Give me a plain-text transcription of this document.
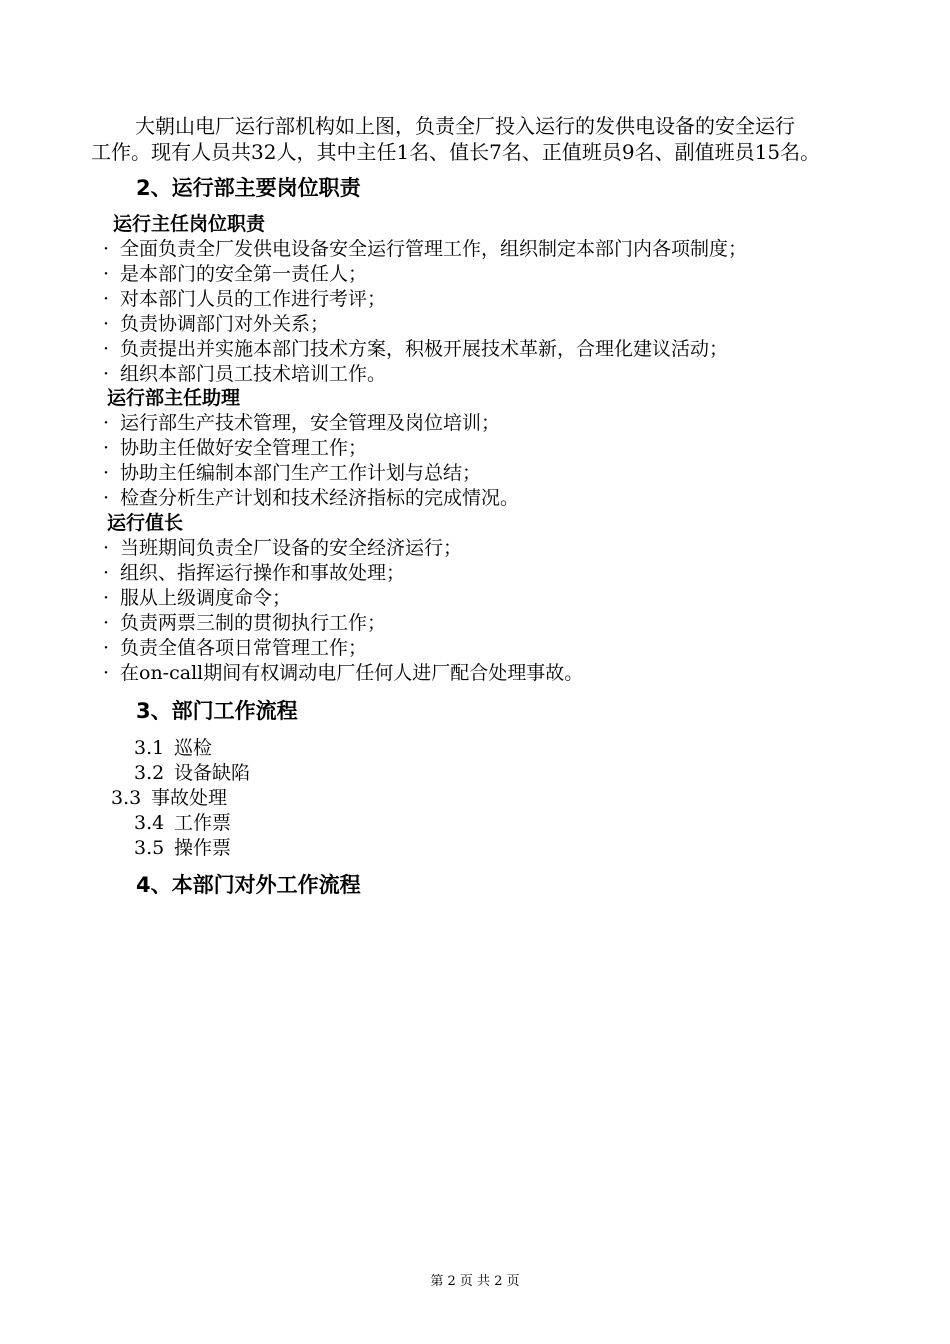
大朝山电厂运行部机构如上图，负责全厂投入运行的发供电设备的安全运行
工作。现有人员共32人，其中主任1名、值长7名、正值班员9名、副值班员15名。
2、运行部主要岗位职责
运行主任岗位职责
· 全面负责全厂发供电设备安全运行管理工作，组织制定本部门内各项制度；
· 是本部门的安全第一责任人；
· 对本部门人员的工作进行考评；
· 负责协调部门对外关系；
· 负责提出并实施本部门技术方案，积极开展技术革新，合理化建议活动；
· 组织本部门员工技术培训工作。
运行部主任助理
· 运行部生产技术管理，安全管理及岗位培训；
· 协助主任做好安全管理工作；
· 协助主任编制本部门生产工作计划与总结；
· 检查分析生产计划和技术经济指标的完成情况。
运行值长
· 当班期间负责全厂设备的安全经济运行；
· 组织、指挥运行操作和事故处理；
· 服从上级调度命令；
· 负责两票三制的贯彻执行工作；
· 负责全值各项日常管理工作；
· 在on-call期间有权调动电厂任何人进厂配合处理事故。
3、部门工作流程
3.1 巡检
3.2 设备缺陷
3.3 事故处理
3.4 工作票
3.5 操作票
4、本部门对外工作流程
第 2 页 共 2 页
